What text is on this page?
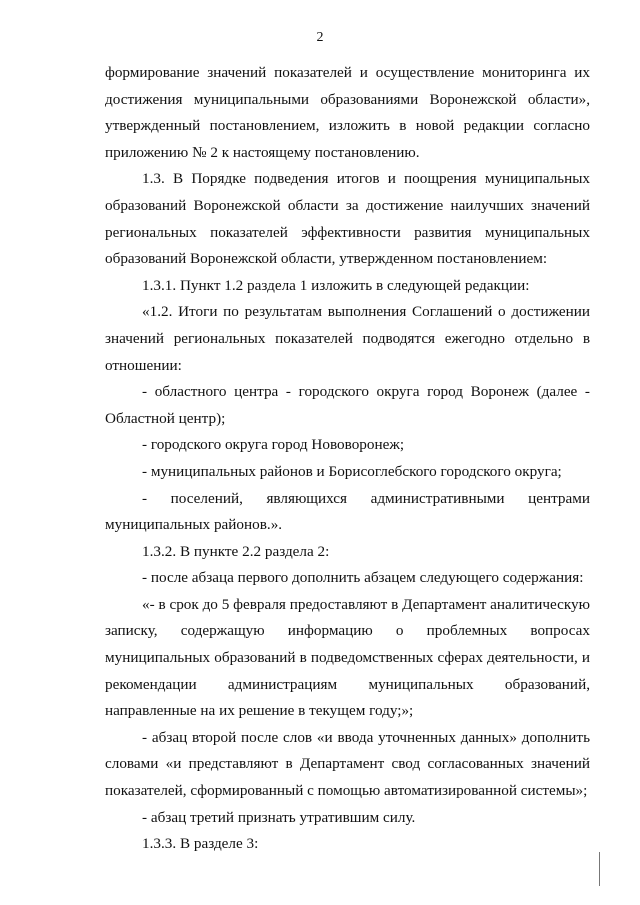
2

формирование значений показателей и осуществление мониторинга их достижения муниципальными образованиями Воронежской области», утвержденный постановлением, изложить в новой редакции согласно приложению № 2 к настоящему постановлению.

1.3. В Порядке подведения итогов и поощрения муниципальных образований Воронежской области за достижение наилучших значений региональных показателей эффективности развития муниципальных образований Воронежской области, утвержденном постановлением:

1.3.1. Пункт 1.2 раздела 1 изложить в следующей редакции:

«1.2. Итоги по результатам выполнения Соглашений о достижении значений региональных показателей подводятся ежегодно отдельно в отношении:

- областного центра - городского округа город Воронеж (далее - Областной центр);

- городского округа город Нововоронеж;

- муниципальных районов и Борисоглебского городского округа;

- поселений, являющихся административными центрами муниципальных районов.».

1.3.2. В пункте 2.2 раздела 2:

- после абзаца первого дополнить абзацем следующего содержания:

«- в срок до 5 февраля предоставляют в Департамент аналитическую записку, содержащую информацию о проблемных вопросах муниципальных образований в подведомственных сферах деятельности, и рекомендации администрациям муниципальных образований, направленные на их решение в текущем году;»;

- абзац второй после слов «и ввода уточненных данных» дополнить словами «и представляют в Департамент свод согласованных значений показателей, сформированный с помощью автоматизированной системы»;

- абзац третий признать утратившим силу.

1.3.3. В разделе 3:
